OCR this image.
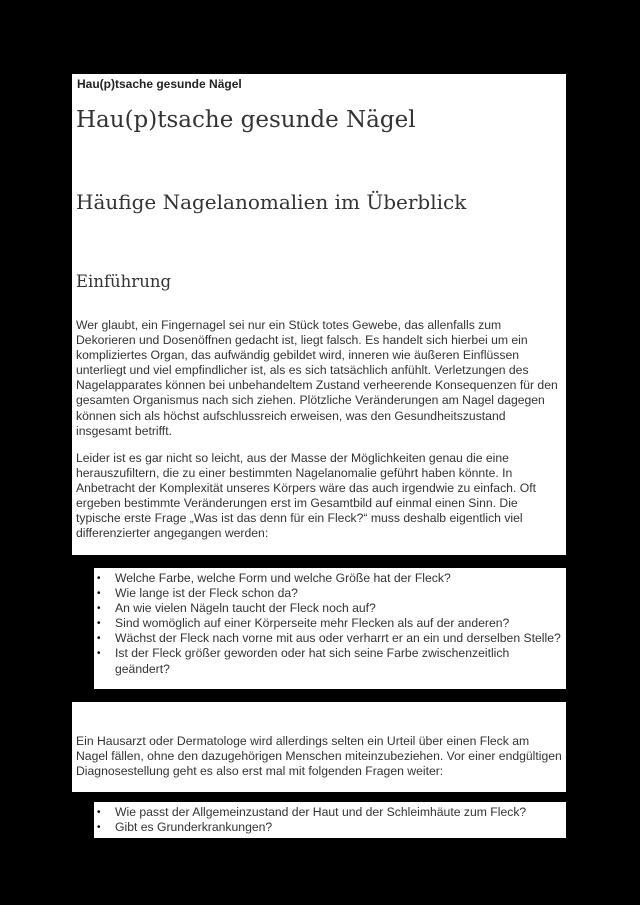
Hau(p)tsache gesunde Nägel
Hau(p)tsache gesunde Nägel
Häufige Nagelanomalien im Überblick
Einführung
Wer glaubt, ein Fingernagel sei nur ein Stück totes Gewebe, das allenfalls zum Dekorieren und Dosenöffnen gedacht ist, liegt falsch. Es handelt sich hierbei um ein kompliziertes Organ, das aufwändig gebildet wird, inneren wie äußeren Einflüssen unterliegt und viel empfindlicher ist, als es sich tatsächlich anfühlt. Verletzungen des Nagelapparates können bei unbehandeltem Zustand verheerende Konsequenzen für den gesamten Organismus nach sich ziehen. Plötzliche Veränderungen am Nagel dagegen können sich als höchst aufschlussreich erweisen, was den Gesundheitszustand insgesamt betrifft.
Leider ist es gar nicht so leicht, aus der Masse der Möglichkeiten genau die eine herauszufiltern, die zu einer bestimmten Nagelanomalie geführt haben könnte. In Anbetracht der Komplexität unseres Körpers wäre das auch irgendwie zu einfach. Oft ergeben bestimmte Veränderungen erst im Gesamtbild auf einmal einen Sinn. Die typische erste Frage „Was ist das denn für ein Fleck?“ muss deshalb eigentlich viel differenzierter angegangen werden:
• Welche Farbe, welche Form und welche Größe hat der Fleck?
• Wie lange ist der Fleck schon da?
• An wie vielen Nägeln taucht der Fleck noch auf?
• Sind womöglich auf einer Körperseite mehr Flecken als auf der anderen?
• Wächst der Fleck nach vorne mit aus oder verharrt er an ein und derselben Stelle?
• Ist der Fleck größer geworden oder hat sich seine Farbe zwischenzeitlich geändert?
Ein Hausarzt oder Dermatologe wird allerdings selten ein Urteil über einen Fleck am Nagel fällen, ohne den dazugehörigen Menschen miteinzubeziehen. Vor einer endgültigen Diagnosestellung geht es also erst mal mit folgenden Fragen weiter:
• Wie passt der Allgemeinzustand der Haut und der Schleimhäute zum Fleck?
• Gibt es Grunderkrankungen?
